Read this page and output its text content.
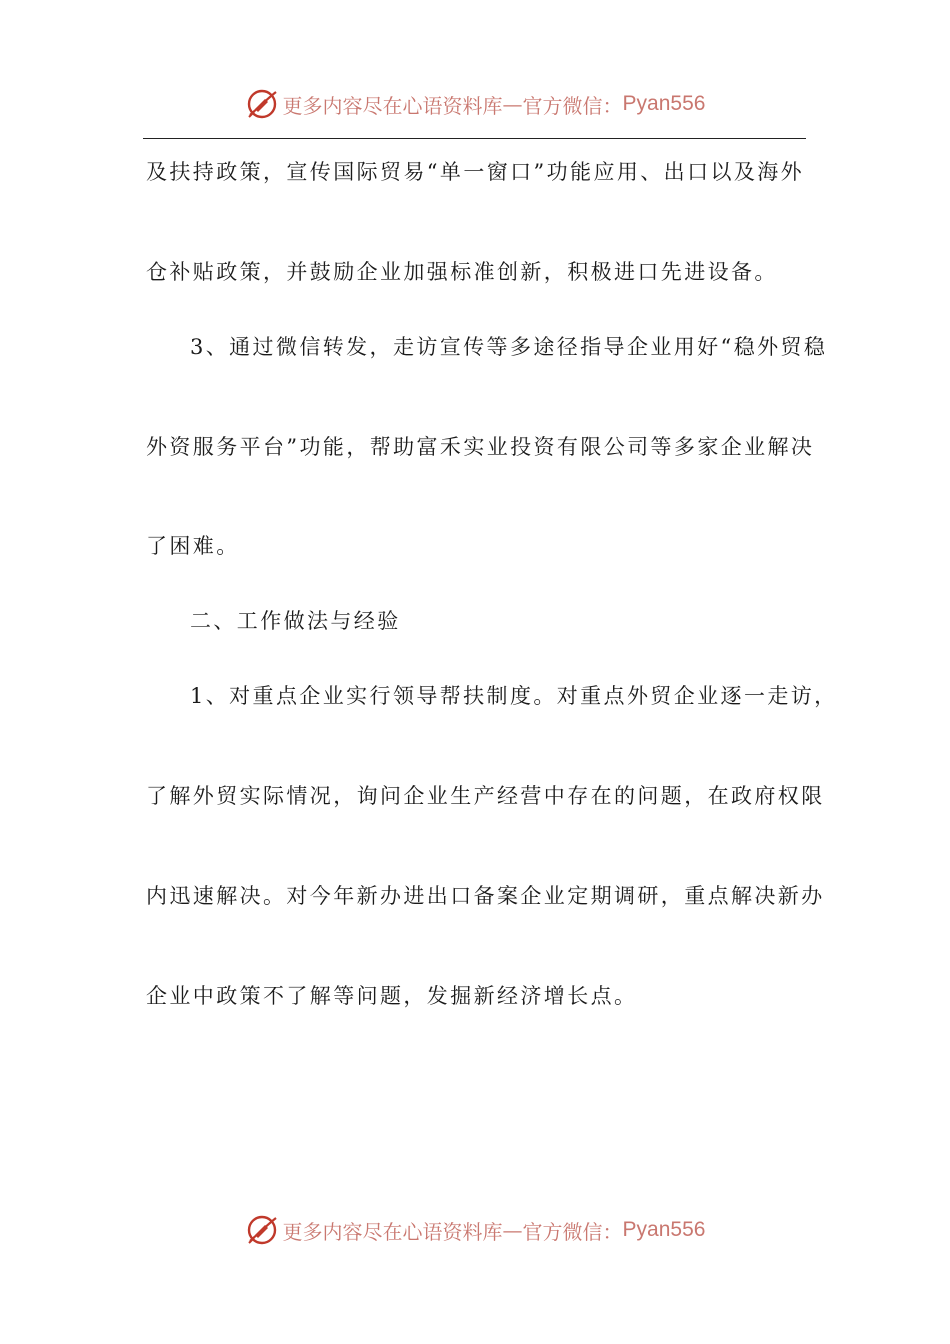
更多内容尽在心语资料库 — 官方微信： Pyan556
及扶持政策，宣传国际贸易“单一窗口”功能应用、出口以及海外
仓补贴政策，并鼓励企业加强标准创新，积极进口先进设备。
3、通过微信转发，走访宣传等多途径指导企业用好“稳外贸稳
外资服务平台”功能，帮助富禾实业投资有限公司等多家企业解决
了困难。
二、工作做法与经验
1、对重点企业实行领导帮扶制度。对重点外贸企业逐一走访，
了解外贸实际情况，询问企业生产经营中存在的问题，在政府权限
内迅速解决。对今年新办进出口备案企业定期调研，重点解决新办
企业中政策不了解等问题，发掘新经济增长点。
更多内容尽在心语资料库 — 官方微信： Pyan556
